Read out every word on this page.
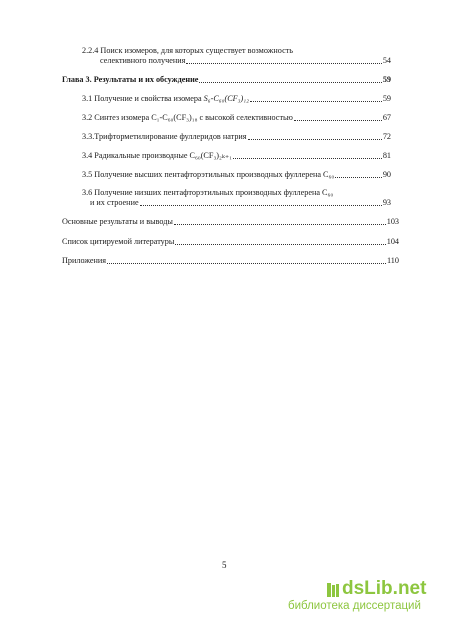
2.2.4 Поиск изомеров, для которых существует возможность
селективного получения	54
Глава 3. Результаты и их обсуждение	59
3.1 Получение и свойства изомера S₆-C₆₀(CF₃)₁₂	59
3.2 Синтез изомера C₁-C₆₀(CF₃)₁₈ с высокой селективностью	67
3.3.Трифторметилирование фуллеридов натрия	72
3.4 Радикальные производные C₆₀(CF₃)₂ₖ₊₁	81
3.5 Получение высших пентафторэтильных производных фуллерена C₆₀	90
3.6 Получение низших пентафторэтильных производных фуллерена C₆₀
и их строение	93
Основные результаты и выводы	103
Список цитируемой литературы	104
Приложения	110
5
dsLib.net
библиотека диссертаций
